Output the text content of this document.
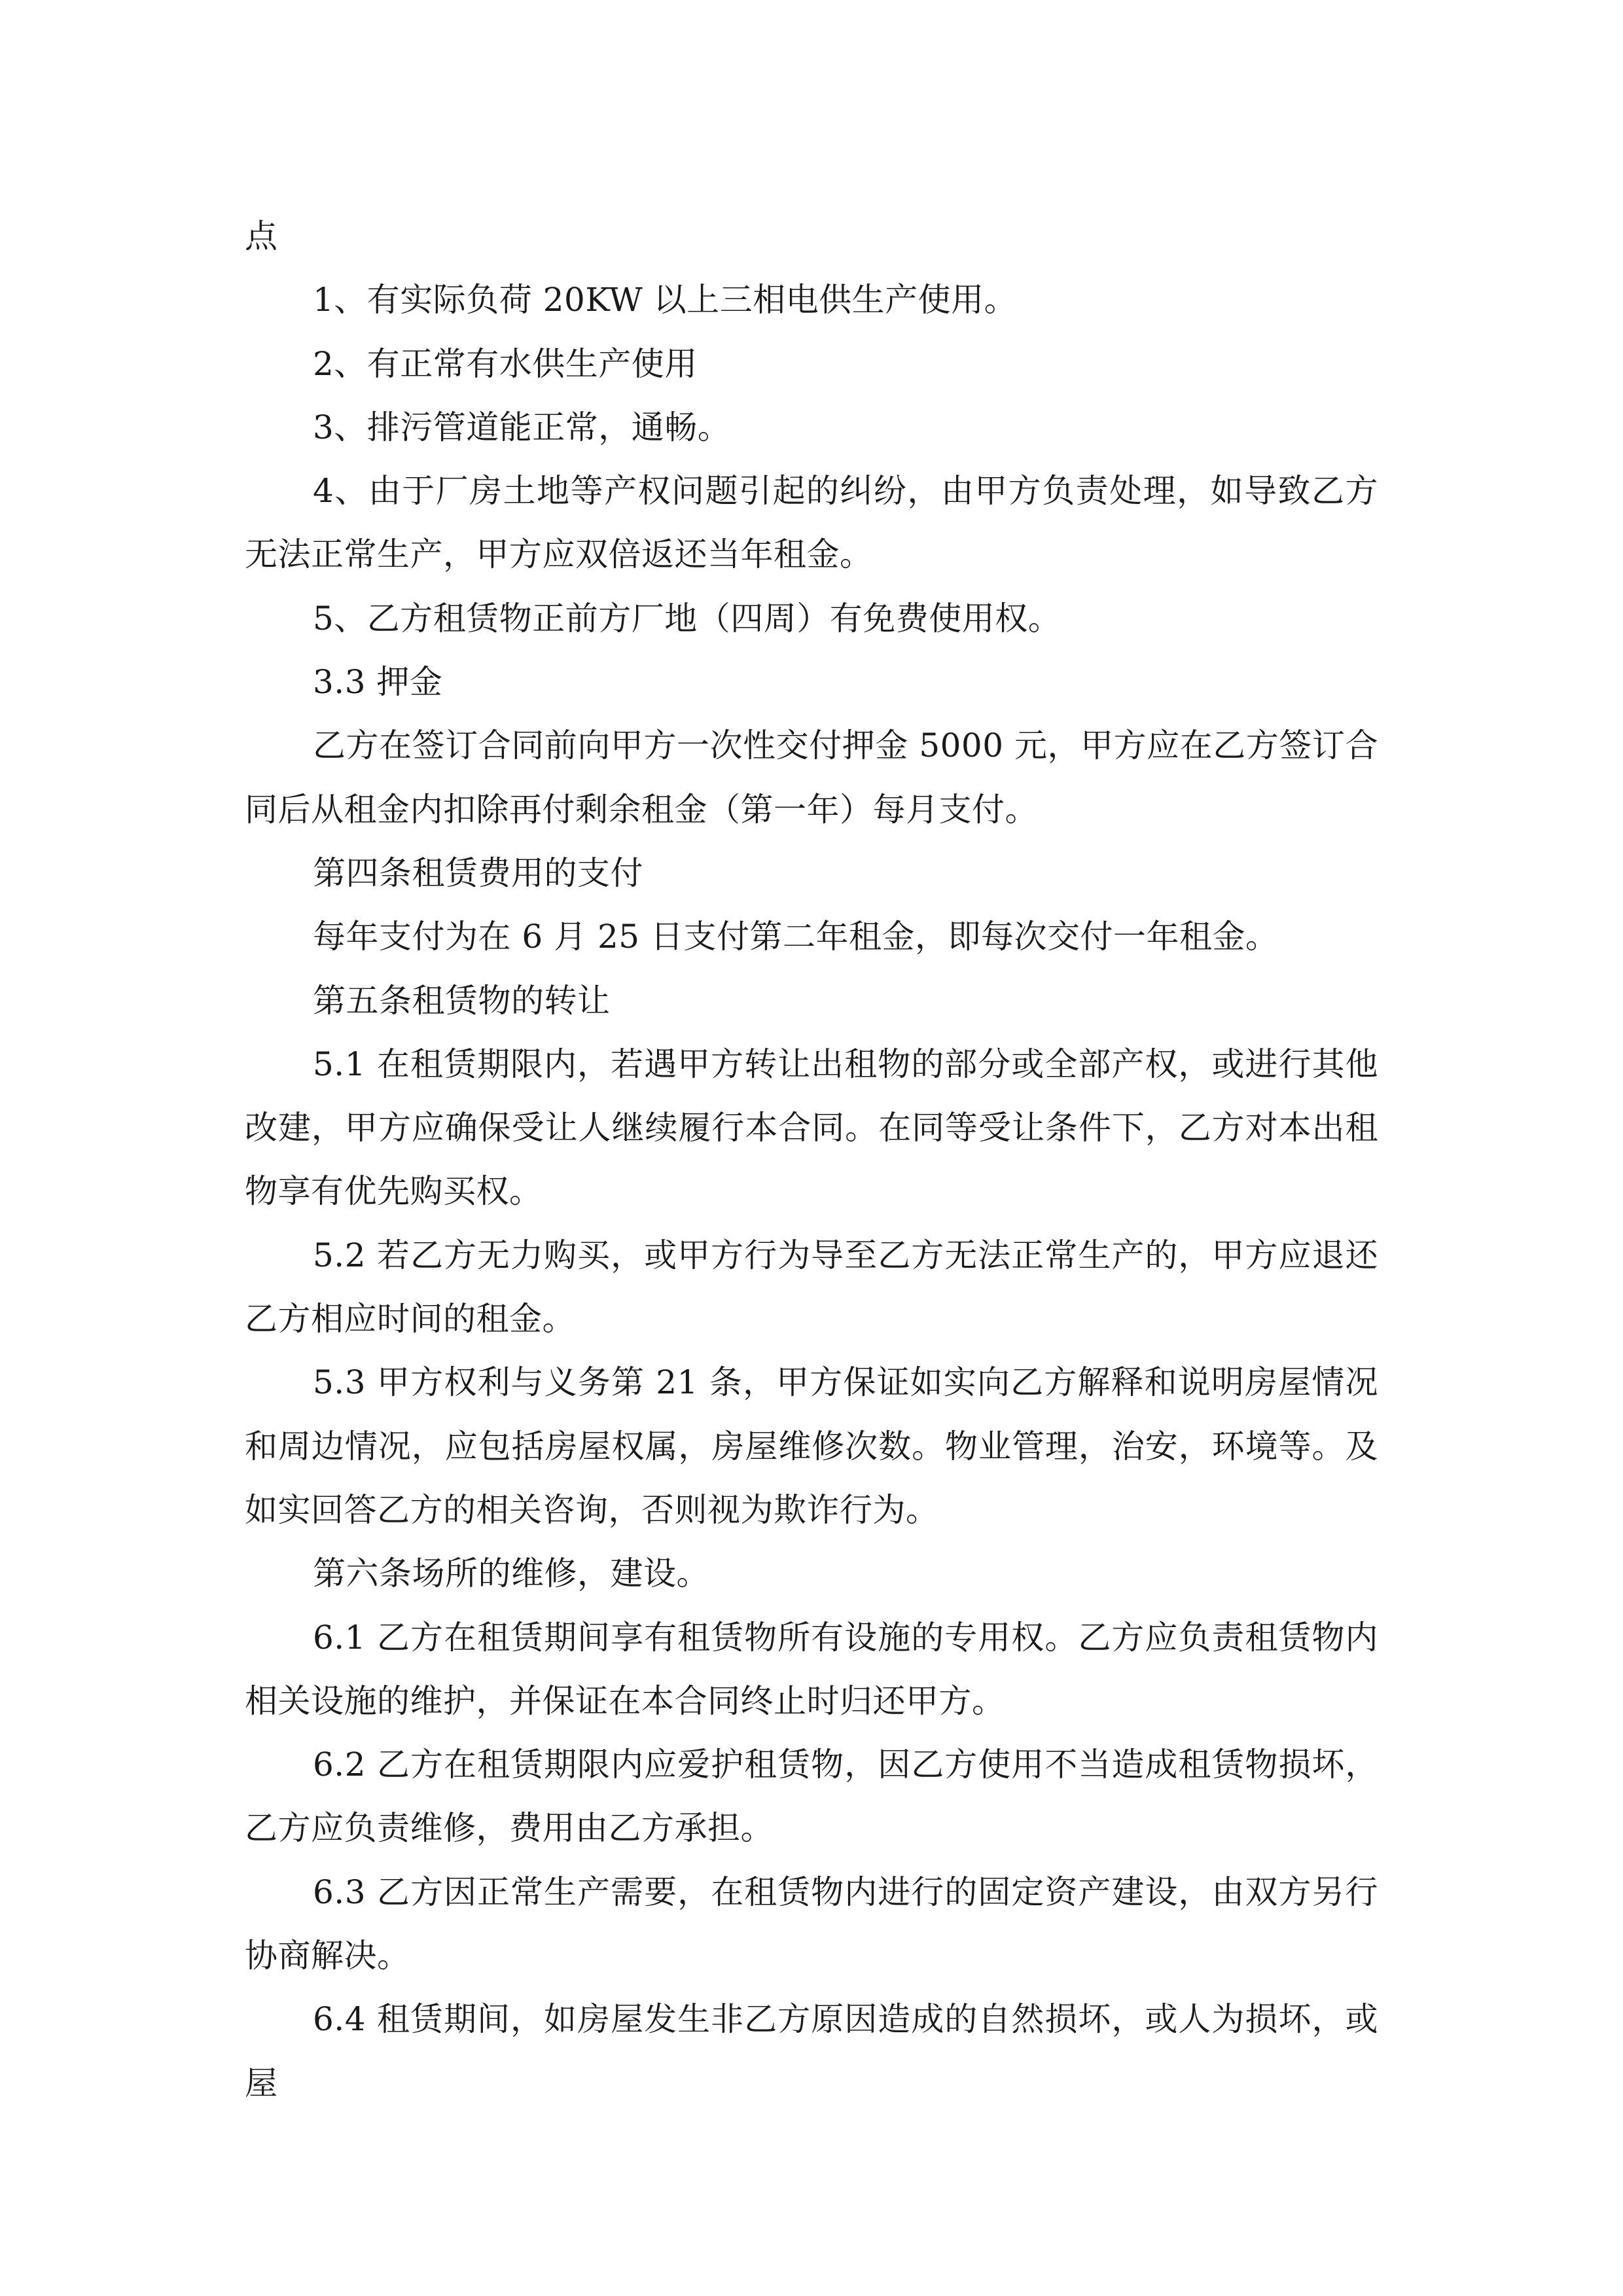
点

1、有实际负荷 20KW 以上三相电供生产使用。

2、有正常有水供生产使用

3、排污管道能正常，通畅。

4、由于厂房土地等产权问题引起的纠纷，由甲方负责处理，如导致乙方无法正常生产，甲方应双倍返还当年租金。

5、乙方租赁物正前方厂地（四周）有免费使用权。

3.3 押金

乙方在签订合同前向甲方一次性交付押金 5000 元，甲方应在乙方签订合同后从租金内扣除再付剩余租金（第一年）每月支付。

第四条租赁费用的支付

每年支付为在 6 月 25 日支付第二年租金，即每次交付一年租金。

第五条租赁物的转让

5.1 在租赁期限内，若遇甲方转让出租物的部分或全部产权，或进行其他改建，甲方应确保受让人继续履行本合同。在同等受让条件下，乙方对本出租物享有优先购买权。

5.2 若乙方无力购买，或甲方行为导至乙方无法正常生产的，甲方应退还乙方相应时间的租金。

5.3 甲方权利与义务第 21 条，甲方保证如实向乙方解释和说明房屋情况和周边情况，应包括房屋权属，房屋维修次数。物业管理，治安，环境等。及如实回答乙方的相关咨询，否则视为欺诈行为。

第六条场所的维修，建设。

6.1 乙方在租赁期间享有租赁物所有设施的专用权。乙方应负责租赁物内相关设施的维护，并保证在本合同终止时归还甲方。

6.2 乙方在租赁期限内应爱护租赁物，因乙方使用不当造成租赁物损坏，乙方应负责维修，费用由乙方承担。

6.3 乙方因正常生产需要，在租赁物内进行的固定资产建设，由双方另行协商解决。

6.4 租赁期间，如房屋发生非乙方原因造成的自然损坏，或人为损坏，或屋
